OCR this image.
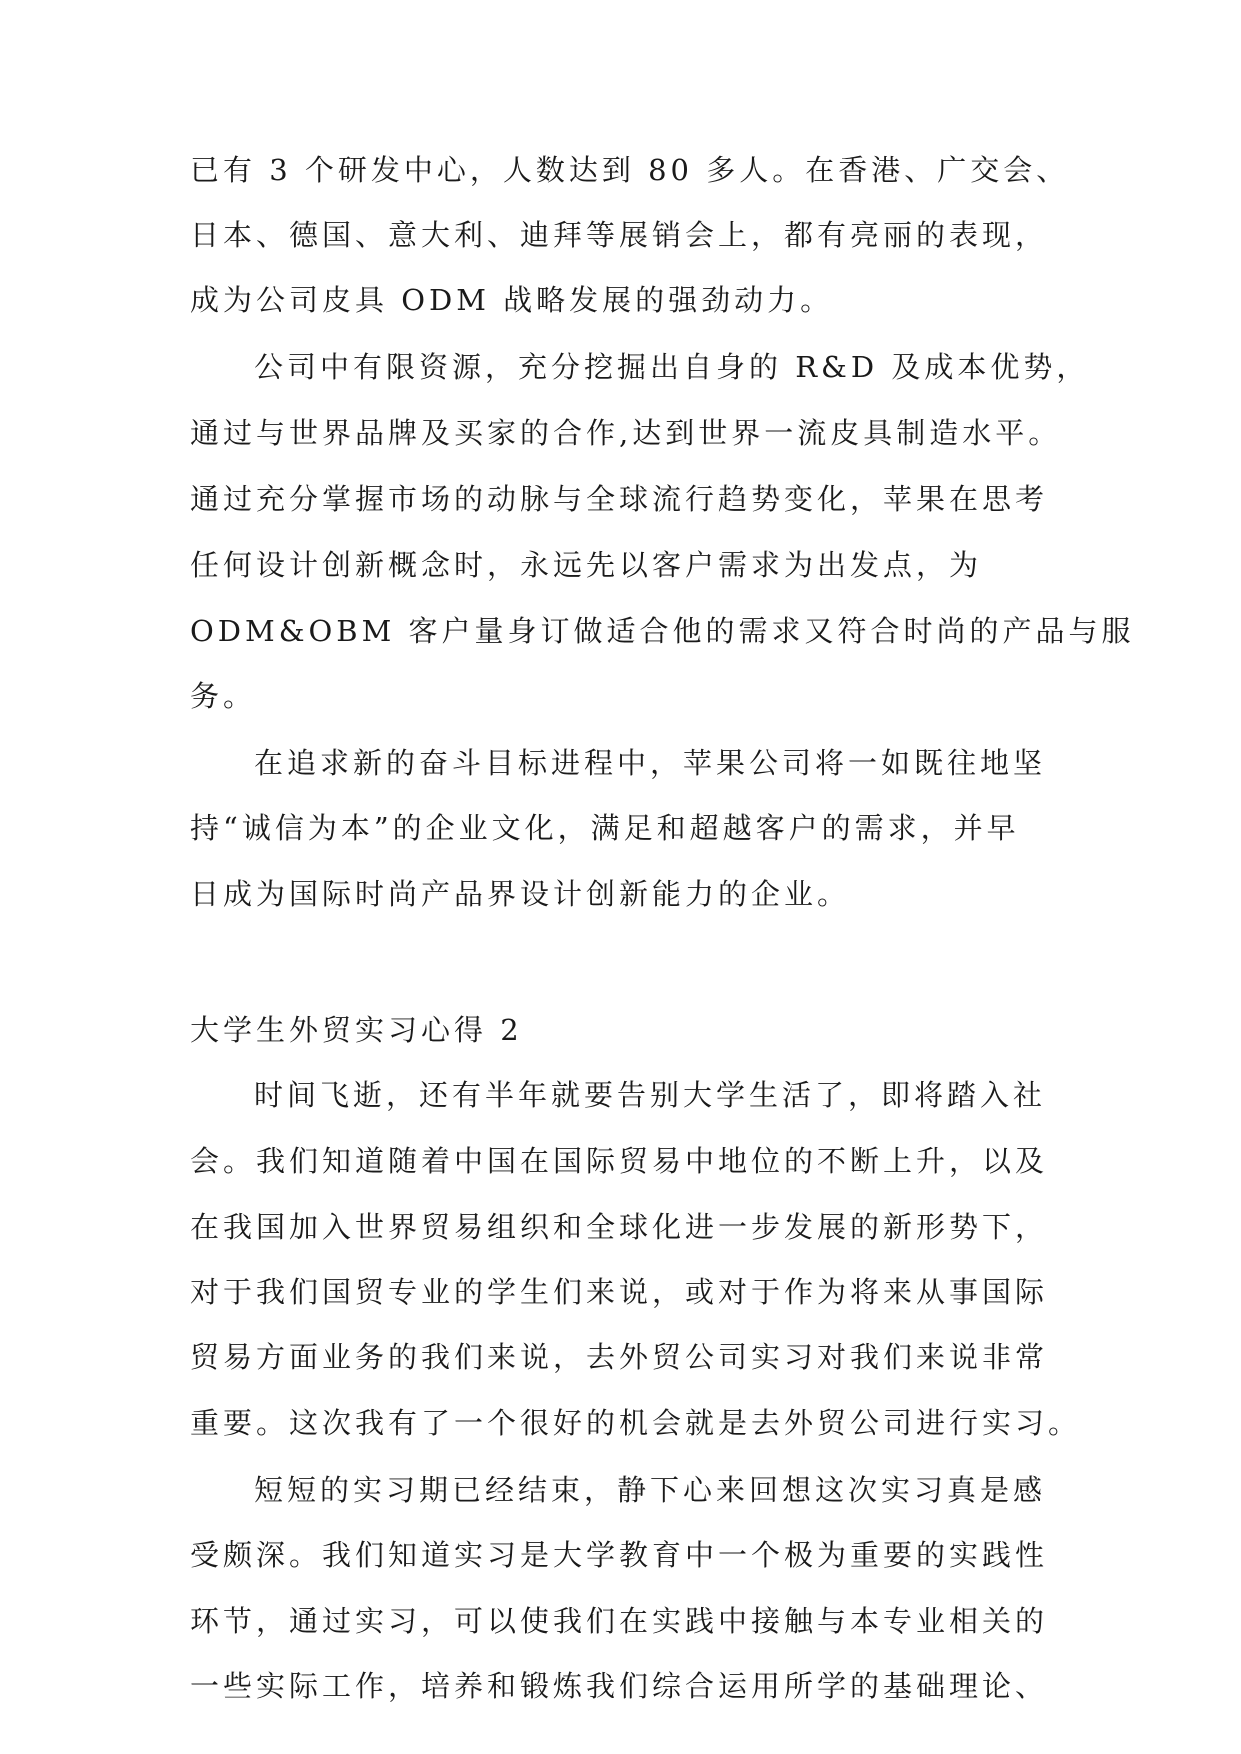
已有 3 个研发中心，人数达到 80 多人。在香港、广交会、
日本、德国、意大利、迪拜等展销会上，都有亮丽的表现，
成为公司皮具 ODM 战略发展的强劲动力。
公司中有限资源，充分挖掘出自身的 R&D 及成本优势，
通过与世界品牌及买家的合作,达到世界一流皮具制造水平。
通过充分掌握市场的动脉与全球流行趋势变化，苹果在思考
任何设计创新概念时，永远先以客户需求为出发点，为
ODM&OBM 客户量身订做适合他的需求又符合时尚的产品与服
务。
在追求新的奋斗目标进程中，苹果公司将一如既往地坚
持“诚信为本”的企业文化，满足和超越客户的需求，并早
日成为国际时尚产品界设计创新能力的企业。
大学生外贸实习心得 2
时间飞逝，还有半年就要告别大学生活了，即将踏入社
会。我们知道随着中国在国际贸易中地位的不断上升，以及
在我国加入世界贸易组织和全球化进一步发展的新形势下，
对于我们国贸专业的学生们来说，或对于作为将来从事国际
贸易方面业务的我们来说，去外贸公司实习对我们来说非常
重要。这次我有了一个很好的机会就是去外贸公司进行实习。
短短的实习期已经结束，静下心来回想这次实习真是感
受颇深。我们知道实习是大学教育中一个极为重要的实践性
环节，通过实习，可以使我们在实践中接触与本专业相关的
一些实际工作，培养和锻炼我们综合运用所学的基础理论、
